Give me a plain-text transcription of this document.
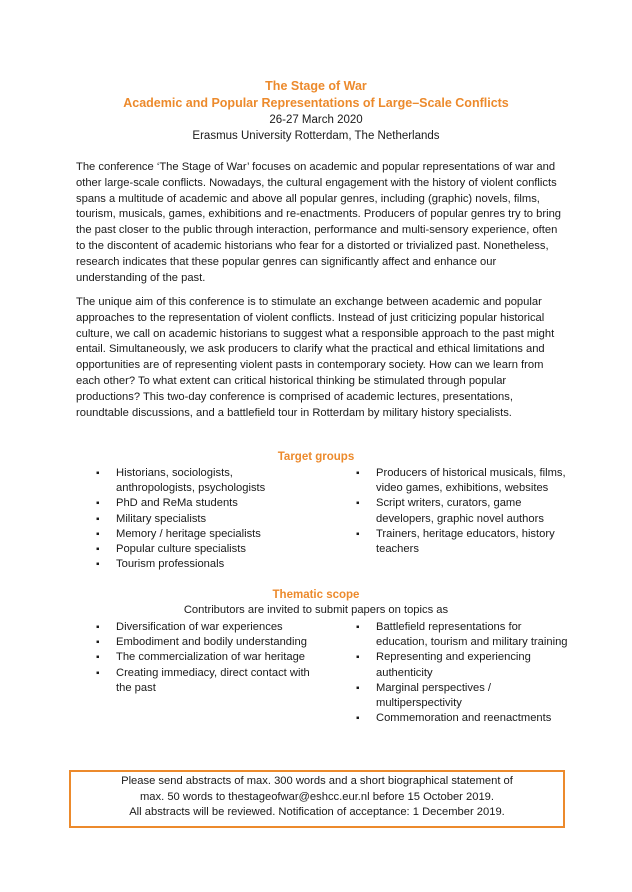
The Stage of War
Academic and Popular Representations of Large–Scale Conflicts
26-27 March 2020
Erasmus University Rotterdam, The Netherlands

The conference ‘The Stage of War’ focuses on academic and popular representations of war and other large-scale conflicts. Nowadays, the cultural engagement with the history of violent conflicts spans a multitude of academic and above all popular genres, including (graphic) novels, films, tourism, musicals, games, exhibitions and re-enactments. Producers of popular genres try to bring the past closer to the public through interaction, performance and multi-sensory experience, often to the discontent of academic historians who fear for a distorted or trivialized past. Nonetheless, research indicates that these popular genres can significantly affect and enhance our understanding of the past.

The unique aim of this conference is to stimulate an exchange between academic and popular approaches to the representation of violent conflicts. Instead of just criticizing popular historical culture, we call on academic historians to suggest what a responsible approach to the past might entail. Simultaneously, we ask producers to clarify what the practical and ethical limitations and opportunities are of representing violent pasts in contemporary society. How can we learn from each other? To what extent can critical historical thinking be stimulated through popular productions? This two-day conference is comprised of academic lectures, presentations, roundtable discussions, and a battlefield tour in Rotterdam by military history specialists.

Target groups
▪ Historians, sociologists, anthropologists, psychologists
▪ PhD and ReMa students
▪ Military specialists
▪ Memory / heritage specialists
▪ Popular culture specialists
▪ Tourism professionals
▪ Producers of historical musicals, films, video games, exhibitions, websites
▪ Script writers, curators, game developers, graphic novel authors
▪ Trainers, heritage educators, history teachers
Thematic scope
Contributors are invited to submit papers on topics as
▪ Diversification of war experiences
▪ Embodiment and bodily understanding
▪ The commercialization of war heritage
▪ Creating immediacy, direct contact with the past
▪ Battlefield representations for education, tourism and military training
▪ Representing and experiencing authenticity
▪ Marginal perspectives / multiperspectivity
▪ Commemoration and reenactments
Please send abstracts of max. 300 words and a short biographical statement of
max. 50 words to thestageofwar@eshcc.eur.nl before 15 October 2019.
All abstracts will be reviewed. Notification of acceptance: 1 December 2019.
